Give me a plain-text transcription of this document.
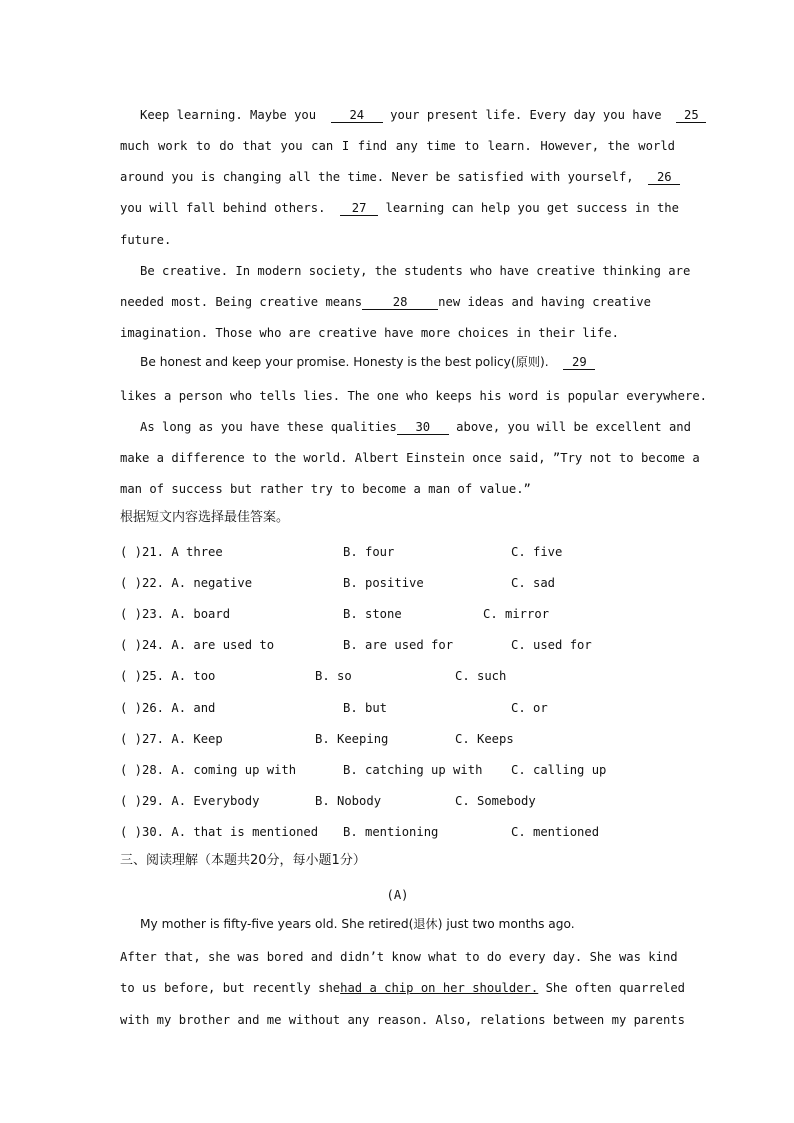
Keep learning. Maybe you	24 your present life. Every day you have 25
much work to do that you can I find any time to learn. However, the world
around you is changing all the time. Never be satisfied with yourself, 26
you will fall behind others. 27 learning can help you get success in the
future.
Be creative. In modern society, the students who have creative thinking are
needed most. Being creative means	28	new ideas and having creative
imagination. Those who are creative have more choices in their life.
Be honest and keep your promise. Honesty is the best policy(原则). 29
likes a person who tells lies. The one who keeps his word is popular everywhere.
As long as you have these qualities 30 above, you will be excellent and
make a difference to the world. Albert Einstein once said, ”Try not to become a
man of success but rather try to become a man of value.”
根据短文内容选择最佳答案。
( )21. A three	B. four	C. five
( )22. A. negative	B. positive	C. sad
( )23. A. board	B. stone	C. mirror
( )24. A. are used to	B. are used for	C. used for
( )25. A. too	B. so	C. such
( )26. A. and	B. but	C. or
( )27. A. Keep	B. Keeping	C. Keeps
( )28. A. coming up with	B. catching up with C. calling up
( )29. A. Everybody	B. Nobody	C. Somebody
( )30. A. that is mentioned B. mentioning	C. mentioned
三、阅读理解（本题共20分，每小题1分）
(A)
My mother is fifty-five years old. She retired(退休) just two months ago.
After that, she was bored and didn’t know what to do every day. She was kind
to us before, but recently shehad a chip on her shoulder. She often quarreled
with my brother and me without any reason. Also, relations between my parents
